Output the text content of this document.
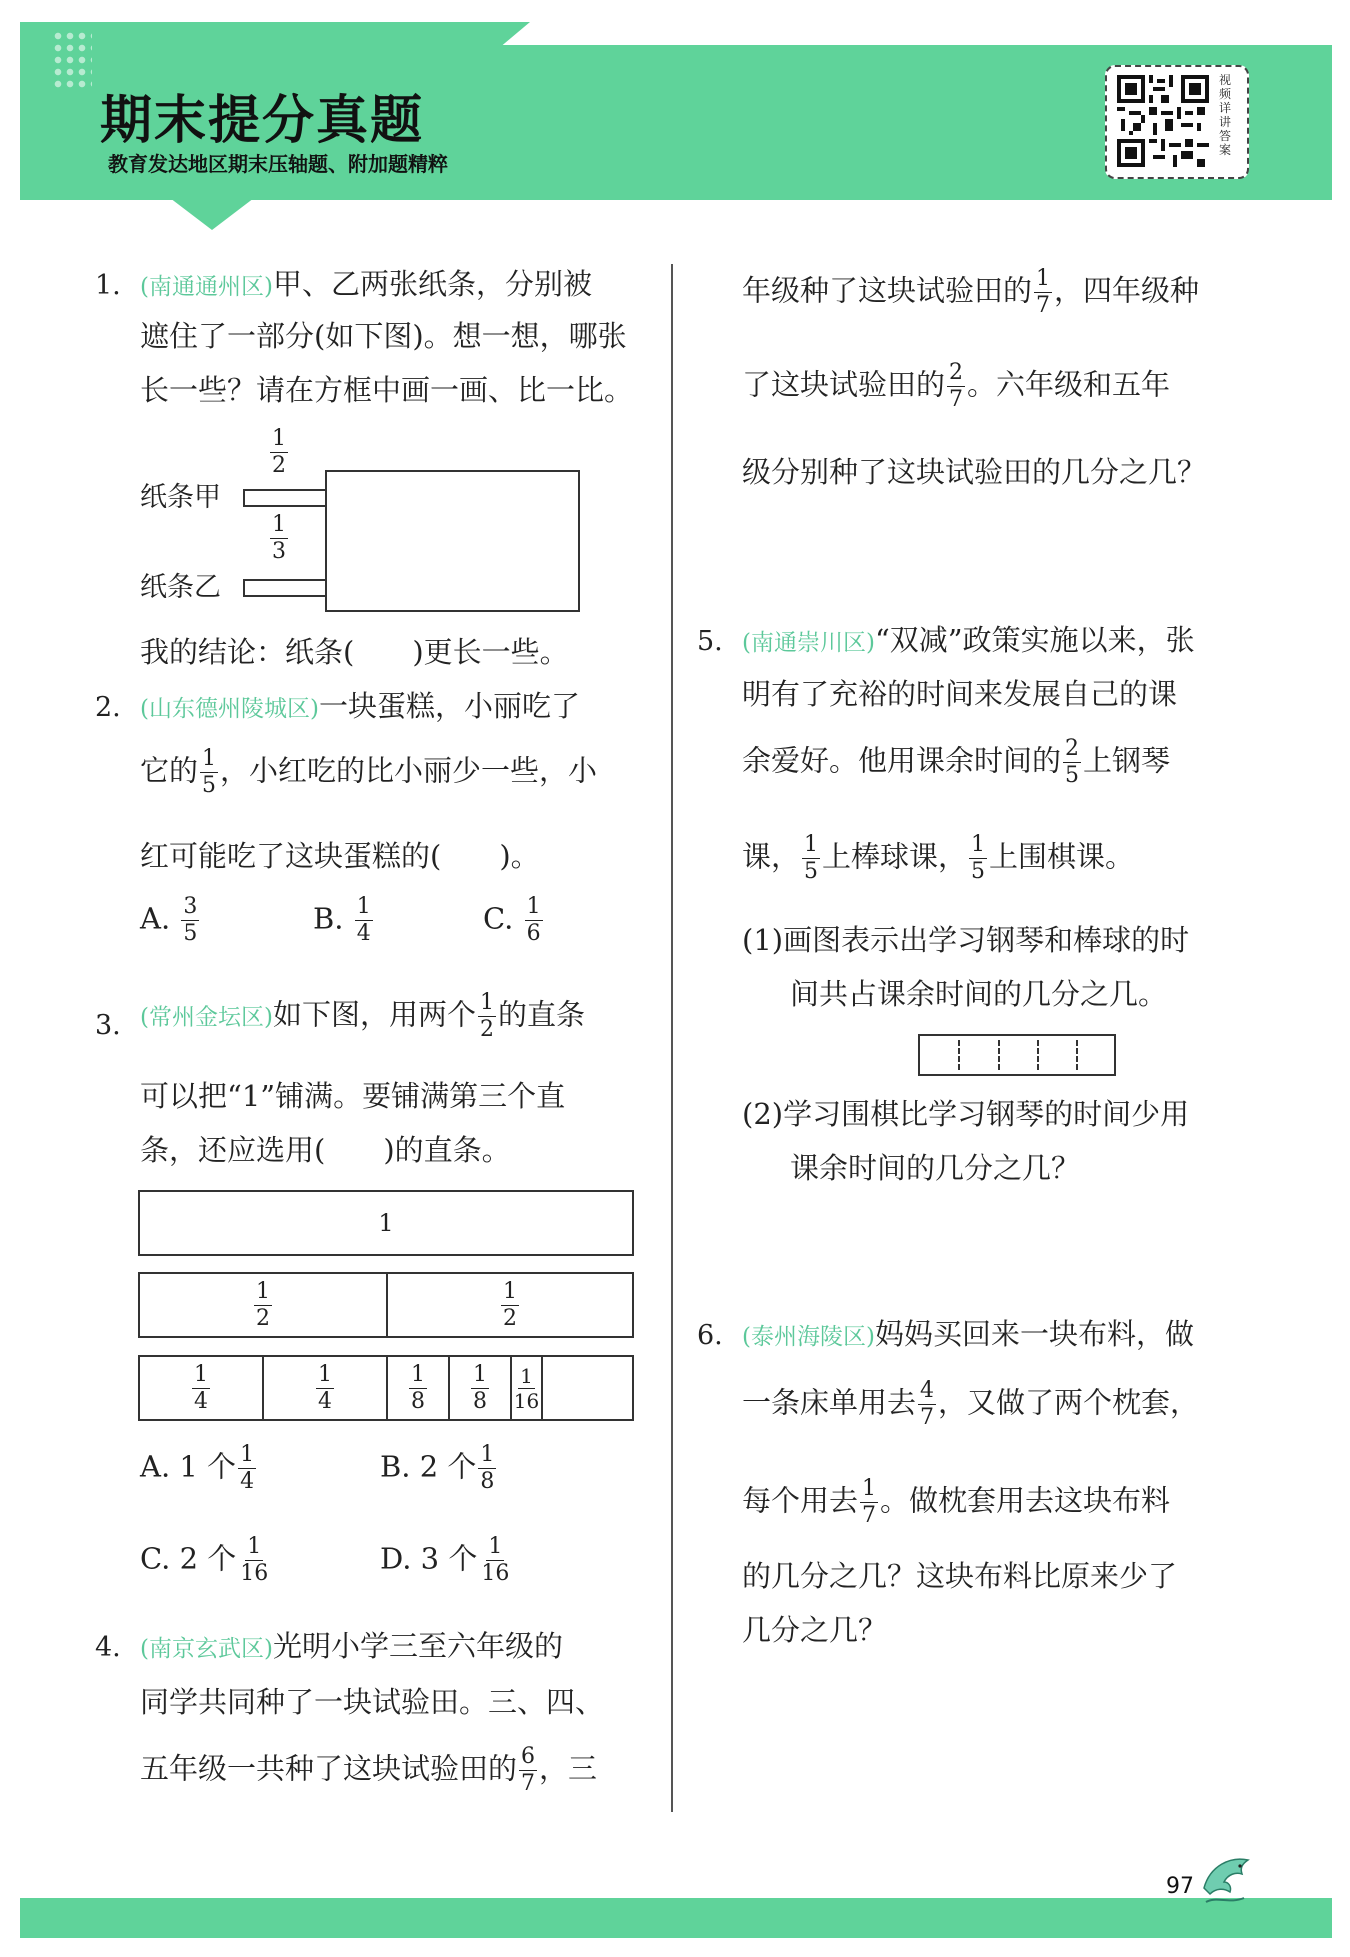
期末提分真题
教育发达地区期末压轴题、附加题精粹
视频详讲答案
1. (南通通州区)甲、乙两张纸条，分别被
遮住了一部分(如下图)。想一想，哪张
长一些？请在方框中画一画、比一比。
$\frac{1}{2}$
纸条甲
$\frac{1}{3}$
纸条乙
我的结论：纸条(　　)更长一些。
2. (山东德州陵城区)一块蛋糕，小丽吃了
它的 $\frac{1}{5}$ ，小红吃的比小丽少一些，小
红可能吃了这块蛋糕的(　　)。
A. $\frac{3}{5}$	B. $\frac{1}{4}$	C. $\frac{1}{6}$
3. (常州金坛区)如下图，用两个 $\frac{1}{2}$ 的直条
可以把“1”铺满。要铺满第三个直
条，还应选用(　　)的直条。
1
$\frac{1}{2}$	$\frac{1}{2}$
$\frac{1}{4}$	$\frac{1}{4}$	$\frac{1}{8} \frac{1}{8} \frac{1}{16}$
A. 1 个 $\frac{1}{4}$	B. 2 个 $\frac{1}{8}$
C. 2 个 $\frac{1}{16}$	D. 3 个 $\frac{1}{16}$
4. (南京玄武区)光明小学三至六年级的
同学共同种了一块试验田。三、四、
五年级一共种了这块试验田的 $\frac{6}{7}$ ，三
年级种了这块试验田的 $\frac{1}{7}$ ，四年级种
了这块试验田的 $\frac{2}{7}$ 。六年级和五年
级分别种了这块试验田的几分之几？
5. (南通崇川区)“双减”政策实施以来，张
明有了充裕的时间来发展自己的课
余爱好。他用课余时间的 $\frac{2}{5}$ 上钢琴
课， $\frac{1}{5}$ 上棒球课， $\frac{1}{5}$ 上围棋课。
(1)画图表示出学习钢琴和棒球的时
间共占课余时间的几分之几。
(2)学习围棋比学习钢琴的时间少用
课余时间的几分之几？
6. (泰州海陵区)妈妈买回来一块布料，做
一条床单用去 $\frac{4}{7}$ ，又做了两个枕套，
每个用去 $\frac{1}{7}$ 。做枕套用去这块布料
的几分之几？这块布料比原来少了
几分之几？
97
